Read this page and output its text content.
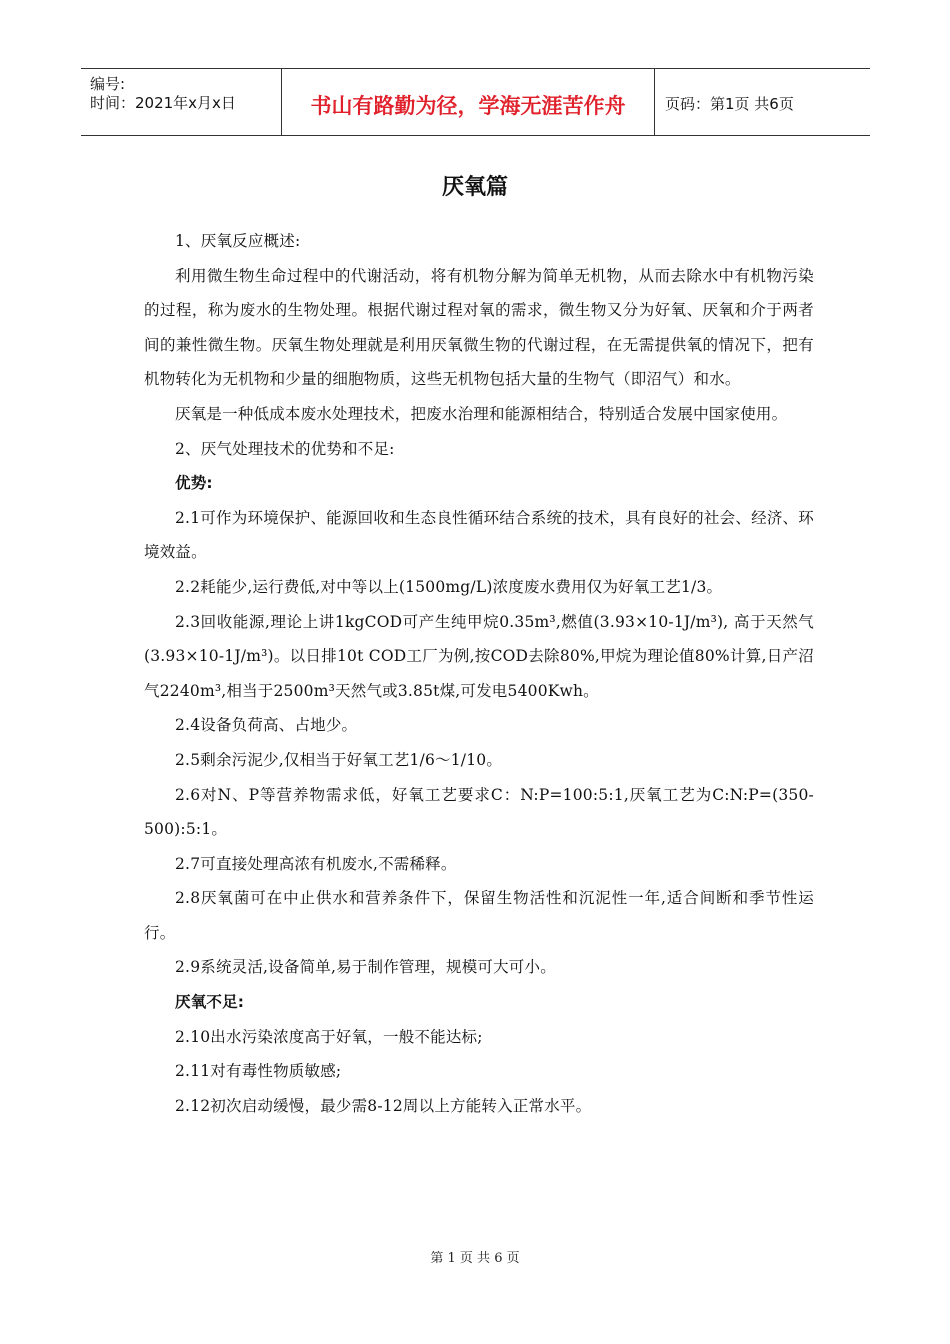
编号:
时间：2021年x月x日	书山有路勤为径，学海无涯苦作舟	页码：第1页 共6页
厌氧篇

1、厌氧反应概述:

利用微生物生命过程中的代谢活动，将有机物分解为简单无机物，从而去除水中有机物污染的过程，称为废水的生物处理。根据代谢过程对氧的需求，微生物又分为好氧、厌氧和介于两者间的兼性微生物。厌氧生物处理就是利用厌氧微生物的代谢过程，在无需提供氧的情况下，把有机物转化为无机物和少量的细胞物质，这些无机物包括大量的生物气（即沼气）和水。

厌氧是一种低成本废水处理技术，把废水治理和能源相结合，特别适合发展中国家使用。

2、厌气处理技术的优势和不足:

优势:

2.1可作为环境保护、能源回收和生态良性循环结合系统的技术，具有良好的社会、经济、环境效益。

2.2耗能少,运行费低,对中等以上(1500mg/L)浓度废水费用仅为好氧工艺1/3。

2.3回收能源,理论上讲1kgCOD可产生纯甲烷0.35m³,燃值(3.93×10-1J/m³), 高于天然气(3.93×10-1J/m³)。以日排10t COD工厂为例,按COD去除80%,甲烷为理论值80%计算,日产沼气2240m³,相当于2500m³天然气或3.85t煤,可发电5400Kwh。

2.4设备负荷高、占地少。

2.5剩余污泥少,仅相当于好氧工艺1/6～1/10。

2.6对N、P等营养物需求低，好氧工艺要求C：N:P=100:5:1,厌氧工艺为C:N:P=(350-500):5:1。

2.7可直接处理高浓有机废水,不需稀释。

2.8厌氧菌可在中止供水和营养条件下，保留生物活性和沉泥性一年,适合间断和季节性运行。

2.9系统灵活,设备简单,易于制作管理，规模可大可小。

厌氧不足:

2.10出水污染浓度高于好氧，一般不能达标;

2.11对有毒性物质敏感;

2.12初次启动缓慢，最少需8-12周以上方能转入正常水平。

第 1 页 共 6 页
